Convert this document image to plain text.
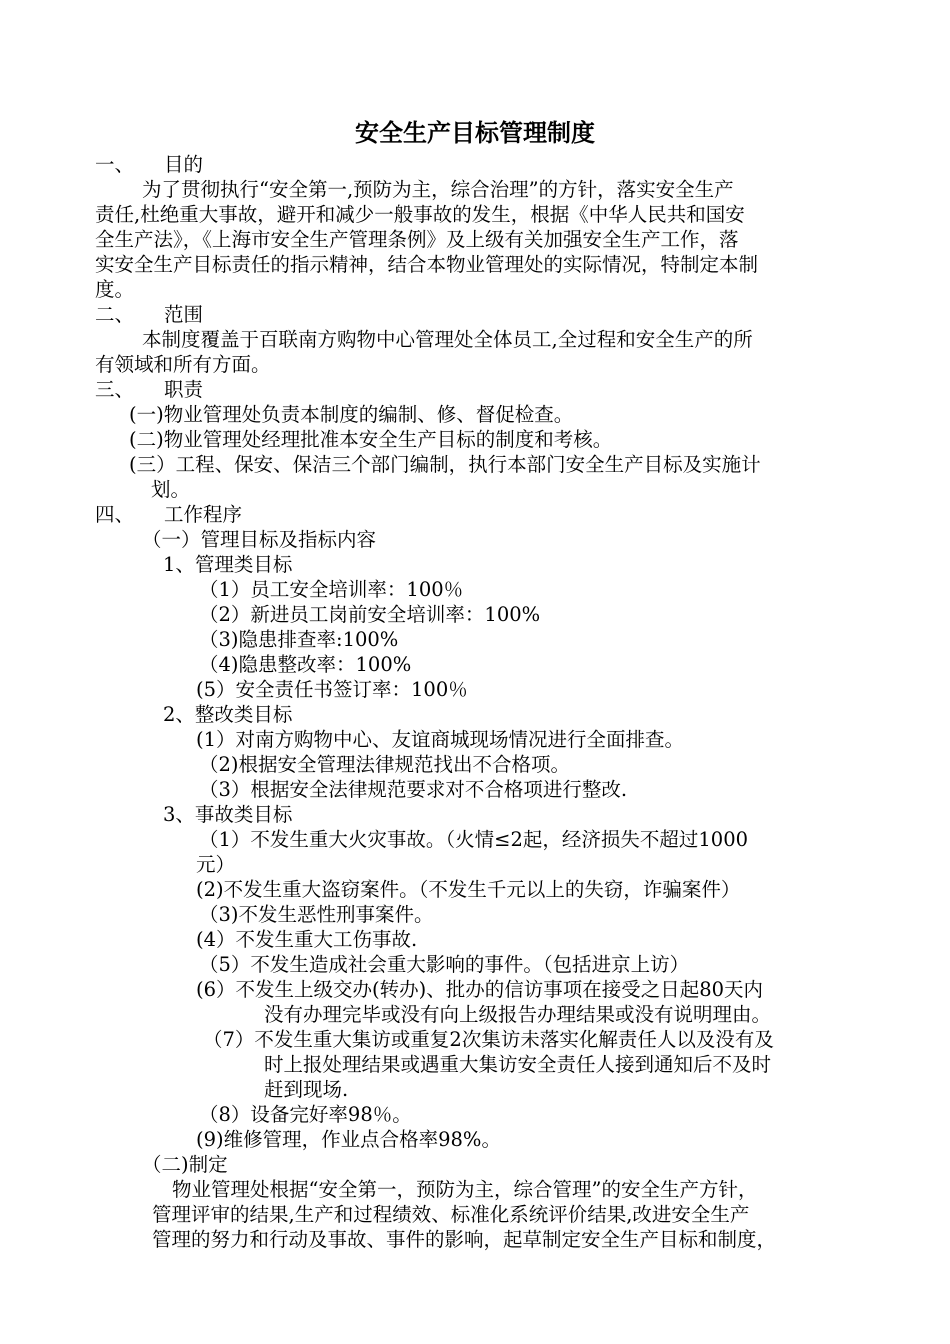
安全生产目标管理制度
一、 目的
为了贯彻执行“安全第一,预防为主，综合治理”的方针，落实安全生产
责任,杜绝重大事故，避开和减少一般事故的发生，根据《中华人民共和国安
全生产法》，《上海市安全生产管理条例》及上级有关加强安全生产工作，落
实安全生产目标责任的指示精神，结合本物业管理处的实际情况，特制定本制
度。
二、 范围
本制度覆盖于百联南方购物中心管理处全体员工,全过程和安全生产的所
有领域和所有方面。
三、 职责
(一)物业管理处负责本制度的编制、修、督促检查。
(二)物业管理处经理批准本安全生产目标的制度和考核。
(三）工程、保安、保洁三个部门编制，执行本部门安全生产目标及实施计
划。
四、 工作程序
（一）管理目标及指标内容
1、管理类目标
（1）员工安全培训率：100％
（2）新进员工岗前安全培训率：100%
（3)隐患排查率:100%
（4)隐患整改率：100%
(5）安全责任书签订率：100％
2、整改类目标
(1）对南方购物中心、友谊商城现场情况进行全面排查。
（2)根据安全管理法律规范找出不合格项。
（3）根据安全法律规范要求对不合格项进行整改.
3、事故类目标
（1）不发生重大火灾事故。（火情≤2起，经济损失不超过1000
元）
(2)不发生重大盗窃案件。（不发生千元以上的失窃，诈骗案件）
（3)不发生恶性刑事案件。
(4）不发生重大工伤事故.
（5）不发生造成社会重大影响的事件。（包括进京上访）
(6）不发生上级交办(转办)、批办的信访事项在接受之日起80天内
没有办理完毕或没有向上级报告办理结果或没有说明理由。
（7）不发生重大集访或重复2次集访未落实化解责任人以及没有及
时上报处理结果或遇重大集访安全责任人接到通知后不及时
赶到现场.
（8）设备完好率98％。
(9)维修管理，作业点合格率98%。
（二)制定
物业管理处根据“安全第一，预防为主，综合管理”的安全生产方针，
管理评审的结果,生产和过程绩效、标准化系统评价结果,改进安全生产
管理的努力和行动及事故、事件的影响，起草制定安全生产目标和制度，
